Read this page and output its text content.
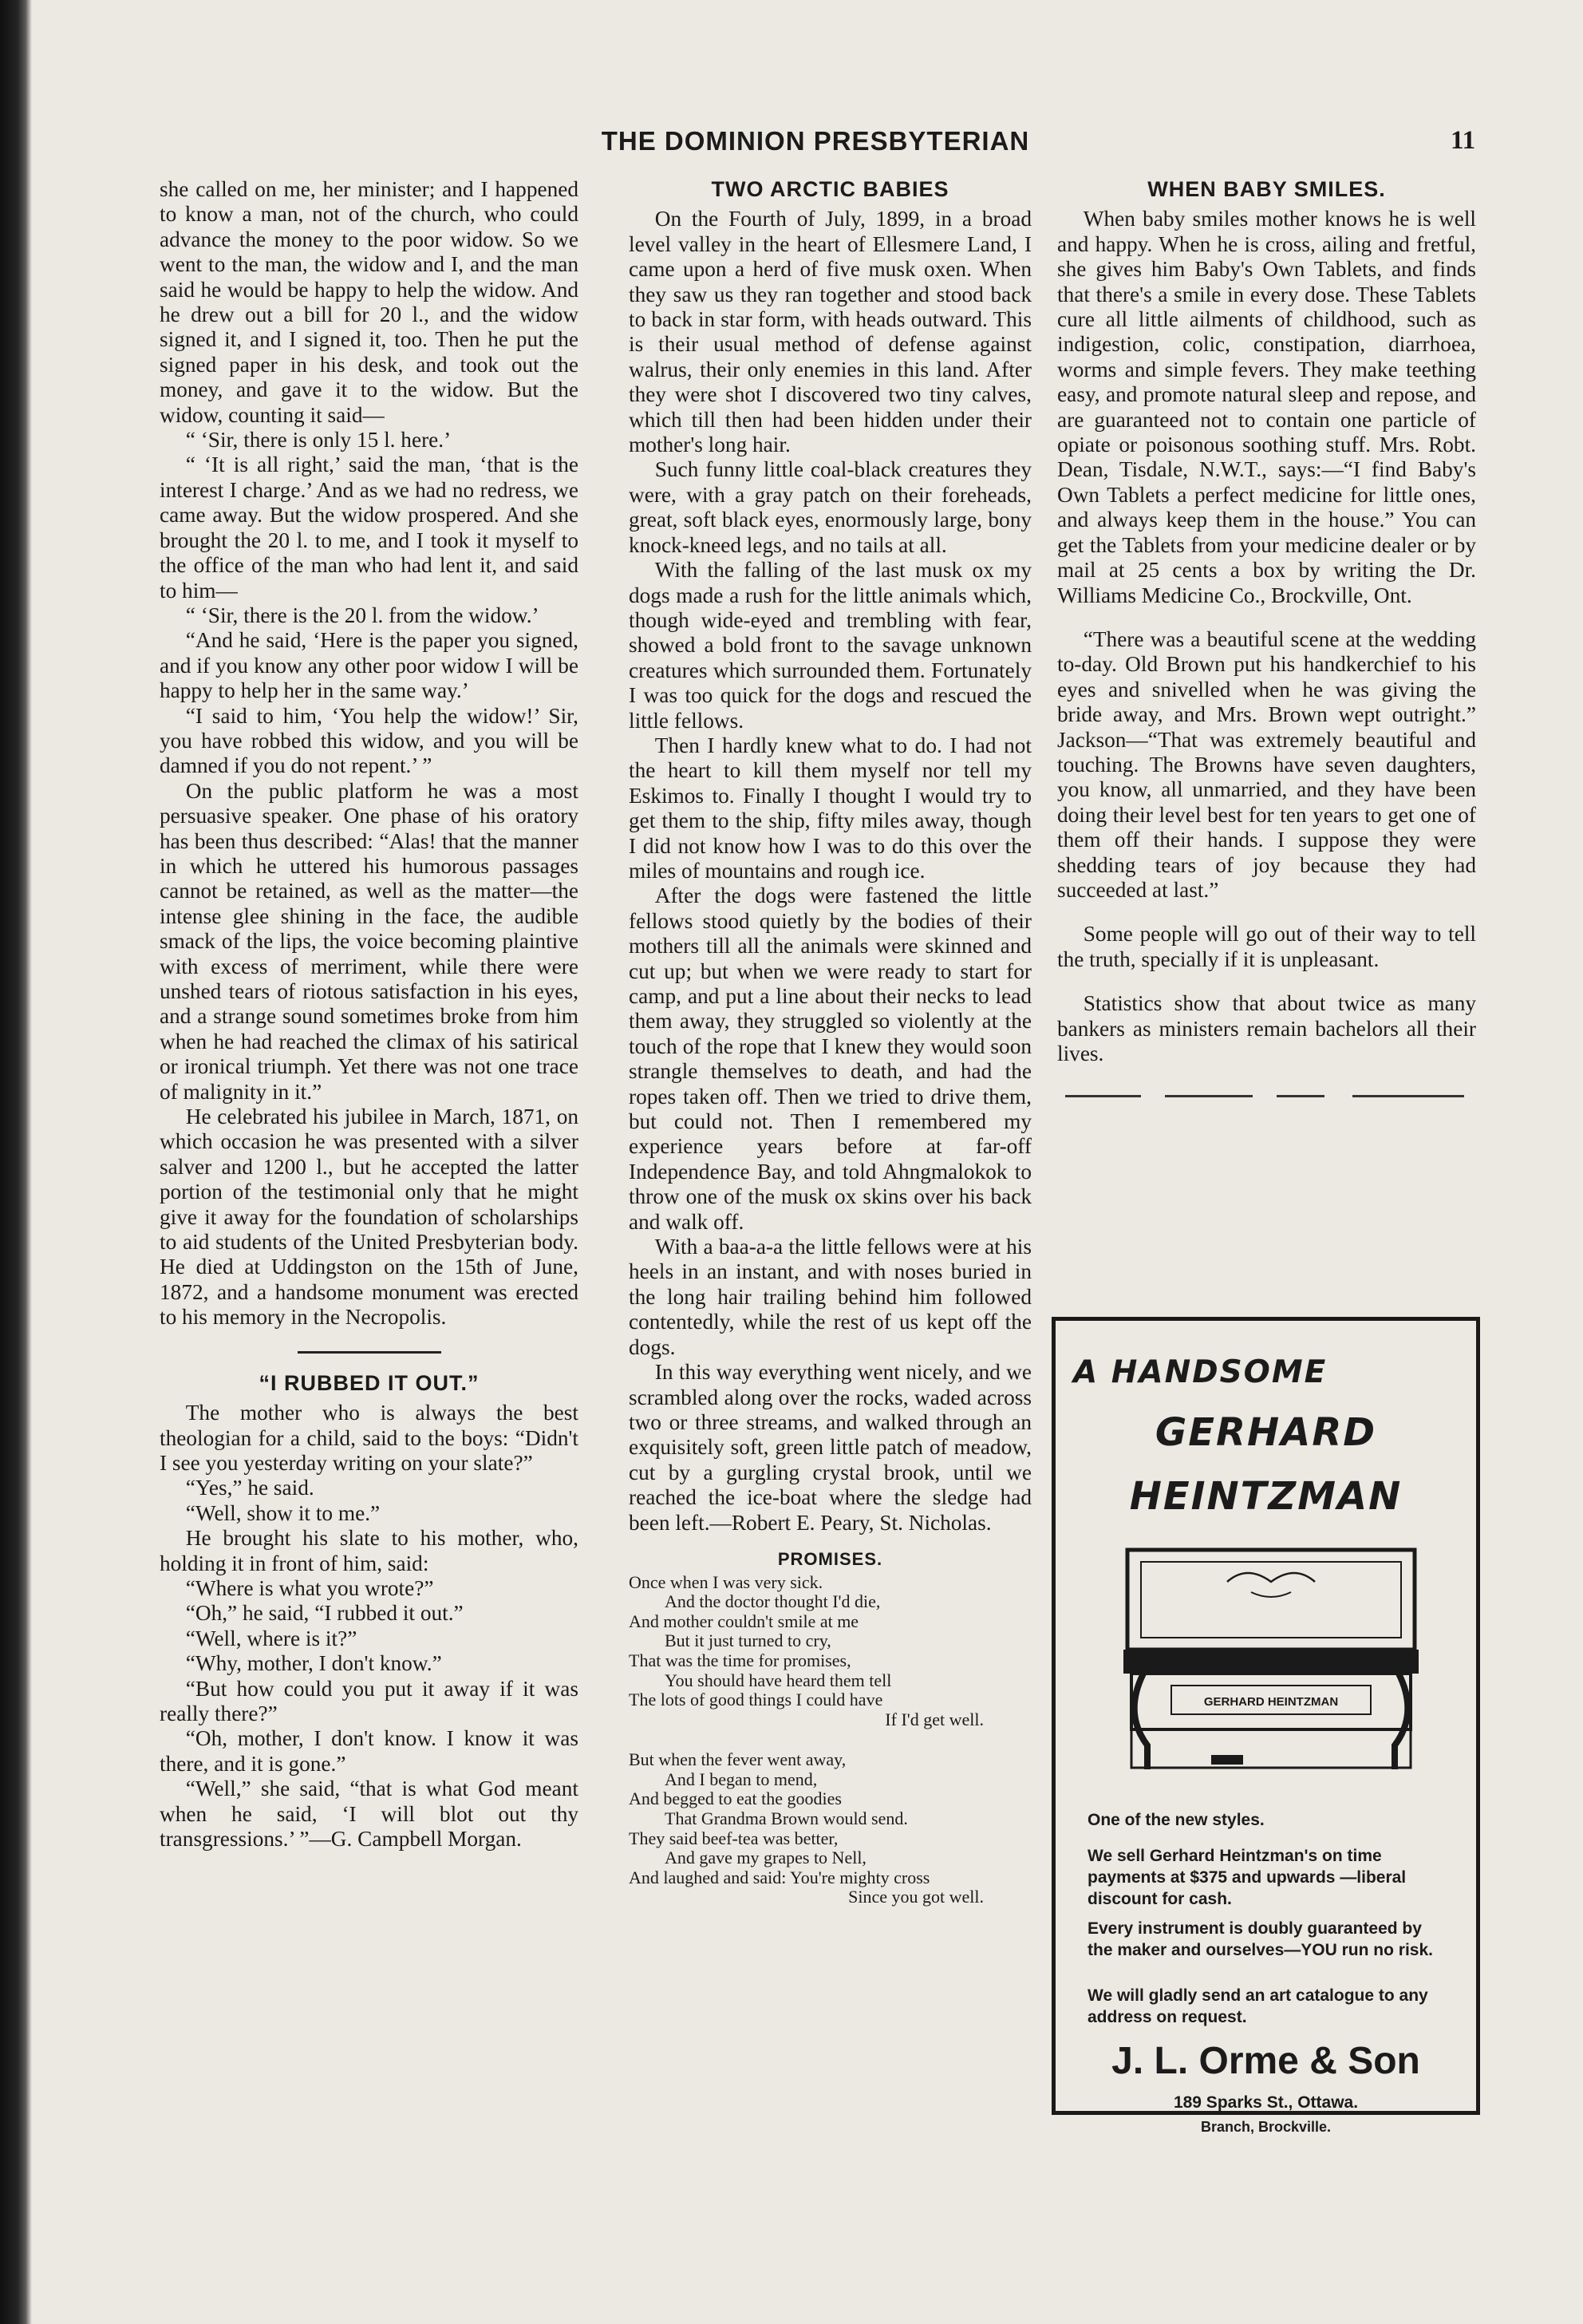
THE DOMINION PRESBYTERIAN	11

she called on me, her minister; and I happened to know a man, not of the church, who could advance the money to the poor widow. So we went to the man, the widow and I, and the man said he would be happy to help the widow. And he drew out a bill for 20 l., and the widow signed it, and I signed it, too. Then he put the signed paper in his desk, and took out the money, and gave it to the widow. But the widow, counting it said—

“ ‘Sir, there is only 15 l. here.’

“ ‘It is all right,’ said the man, ‘that is the interest I charge.’ And as we had no redress, we came away. But the widow prospered. And she brought the 20 l. to me, and I took it myself to the office of the man who had lent it, and said to him—

“ ‘Sir, there is the 20 l. from the widow.’

“And he said, ‘Here is the paper you signed, and if you know any other poor widow I will be happy to help her in the same way.’

“I said to him, ‘You help the widow!’ Sir, you have robbed this widow, and you will be damned if you do not repent.’ ”

On the public platform he was a most persuasive speaker. One phase of his oratory has been thus described: “Alas! that the manner in which he uttered his humorous passages cannot be retained, as well as the matter—the intense glee shining in the face, the audible smack of the lips, the voice becoming plaintive with excess of merriment, while there were unshed tears of riotous satisfaction in his eyes, and a strange sound sometimes broke from him when he had reached the climax of his satirical or ironical triumph. Yet there was not one trace of malignity in it.”

He celebrated his jubilee in March, 1871, on which occasion he was presented with a silver salver and 1200 l., but he accepted the latter portion of the testimonial only that he might give it away for the foundation of scholarships to aid students of the United Presbyterian body. He died at Uddingston on the 15th of June, 1872, and a handsome monument was erected to his memory in the Necropolis.

“I RUBBED IT OUT.”

The mother who is always the best theologian for a child, said to the boys: “Didn't I see you yesterday writing on your slate?”

“Yes,” he said.

“Well, show it to me.”

He brought his slate to his mother, who, holding it in front of him, said:

“Where is what you wrote?”

“Oh,” he said, “I rubbed it out.”

“Well, where is it?”

“Why, mother, I don't know.”

“But how could you put it away if it was really there?”

“Oh, mother, I don't know. I know it was there, and it is gone.”

“Well,” she said, “that is what God meant when he said, ‘I will blot out thy transgressions.’ ”—G. Campbell Morgan.

TWO ARCTIC BABIES

On the Fourth of July, 1899, in a broad level valley in the heart of Ellesmere Land, I came upon a herd of five musk oxen. When they saw us they ran together and stood back to back in star form, with heads outward. This is their usual method of defense against walrus, their only enemies in this land. After they were shot I discovered two tiny calves, which till then had been hidden under their mother's long hair.

Such funny little coal-black creatures they were, with a gray patch on their foreheads, great, soft black eyes, enormously large, bony knock-kneed legs, and no tails at all.

With the falling of the last musk ox my dogs made a rush for the little animals which, though wide-eyed and trembling with fear, showed a bold front to the savage unknown creatures which surrounded them. Fortunately I was too quick for the dogs and rescued the little fellows.

Then I hardly knew what to do. I had not the heart to kill them myself nor tell my Eskimos to. Finally I thought I would try to get them to the ship, fifty miles away, though I did not know how I was to do this over the miles of mountains and rough ice.

After the dogs were fastened the little fellows stood quietly by the bodies of their mothers till all the animals were skinned and cut up; but when we were ready to start for camp, and put a line about their necks to lead them away, they struggled so violently at the touch of the rope that I knew they would soon strangle themselves to death, and had the ropes taken off. Then we tried to drive them, but could not. Then I remembered my experience years before at far-off Independence Bay, and told Ahngmalokok to throw one of the musk ox skins over his back and walk off.

With a baa-a-a the little fellows were at his heels in an instant, and with noses buried in the long hair trailing behind him followed contentedly, while the rest of us kept off the dogs.

In this way everything went nicely, and we scrambled along over the rocks, waded across two or three streams, and walked through an exquisitely soft, green little patch of meadow, cut by a gurgling crystal brook, until we reached the ice-boat where the sledge had been left.—Robert E. Peary, St. Nicholas.

PROMISES.
Once when I was very sick.
And the doctor thought I'd die,
And mother couldn't smile at me
But it just turned to cry,
That was the time for promises,
You should have heard them tell
The lots of good things I could have
If I'd get well.
But when the fever went away,
And I began to mend,
And begged to eat the goodies
That Grandma Brown would send.
They said beef-tea was better,
And gave my grapes to Nell,
And laughed and said: You're mighty cross
Since you got well.
WHEN BABY SMILES.

When baby smiles mother knows he is well and happy. When he is cross, ailing and fretful, she gives him Baby's Own Tablets, and finds that there's a smile in every dose. These Tablets cure all little ailments of childhood, such as indigestion, colic, constipation, diarrhoea, worms and simple fevers. They make teething easy, and promote natural sleep and repose, and are guaranteed not to contain one particle of opiate or poisonous soothing stuff. Mrs. Robt. Dean, Tisdale, N.W.T., says:—“I find Baby's Own Tablets a perfect medicine for little ones, and always keep them in the house.” You can get the Tablets from your medicine dealer or by mail at 25 cents a box by writing the Dr. Williams Medicine Co., Brockville, Ont.

“There was a beautiful scene at the wedding to-day. Old Brown put his handkerchief to his eyes and snivelled when he was giving the bride away, and Mrs. Brown wept outright.” Jackson—“That was extremely beautiful and touching. The Browns have seven daughters, you know, all unmarried, and they have been doing their level best for ten years to get one of them off their hands. I suppose they were shedding tears of joy because they had succeeded at last.”

Some people will go out of their way to tell the truth, specially if it is unpleasant.

Statistics show that about twice as many bankers as ministers remain bachelors all their lives.

A HANDSOME
GERHARD
HEINTZMAN
GERHARD HEINTZMAN
One of the new styles.
We sell Gerhard Heintzman's on time payments at $375 and upwards —liberal discount for cash.
Every instrument is doubly guaranteed by the maker and ourselves—YOU run no risk.
We will gladly send an art catalogue to any address on request.
J. L. Orme & Son
189 Sparks St., Ottawa.
Branch, Brockville.
